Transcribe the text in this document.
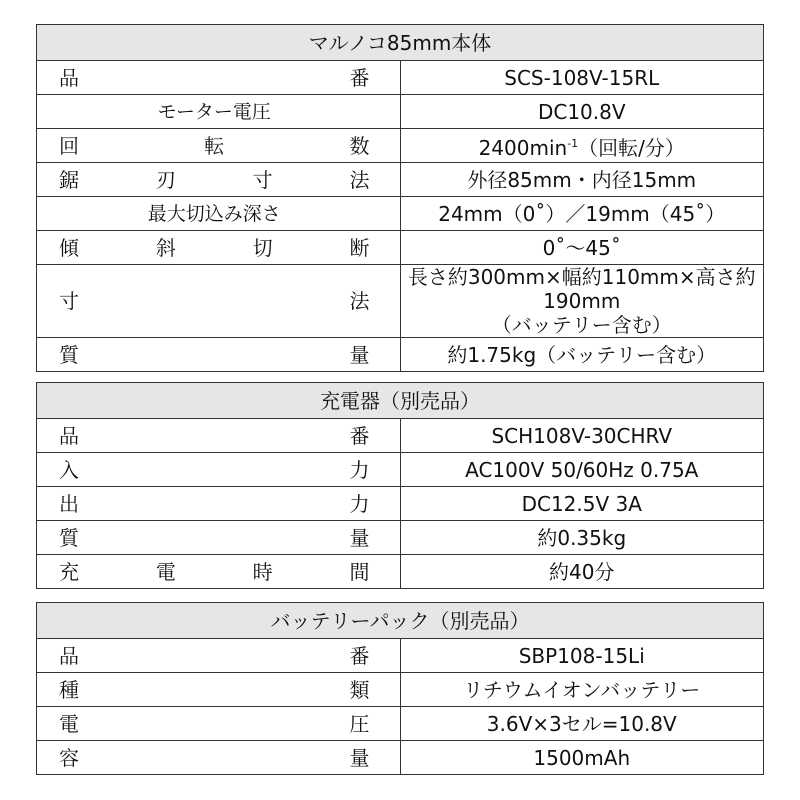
マルノコ85mm本体	

品 番	SCS-108V-15RL

モーター電圧	DC10.8V

回 転 数	$2400\min^{-1}$（回転/分）

鋸 刃 寸 法	外径85mm・内径15mm

最大切込み深さ	24mm（0˚）／19mm（45˚）

傾 斜 切 断	0˚〜45˚

寸 法	長さ約300mm×幅約110mm×高さ約190mm
（バッテリー含む）

質 量	約1.75kg（バッテリー含む）
充電器（別売品）	

品 番	SCH108V-30CHRV

入 力	AC100V 50/60Hz 0.75A

出 力	DC12.5V 3A

質 量	約0.35kg

充 電 時 間	約40分
バッテリーパック（別売品）	

品 番	SBP108-15Li

種 類	リチウムイオンバッテリー

電 圧	3.6V×3セル=10.8V

容 量	1500mAh
